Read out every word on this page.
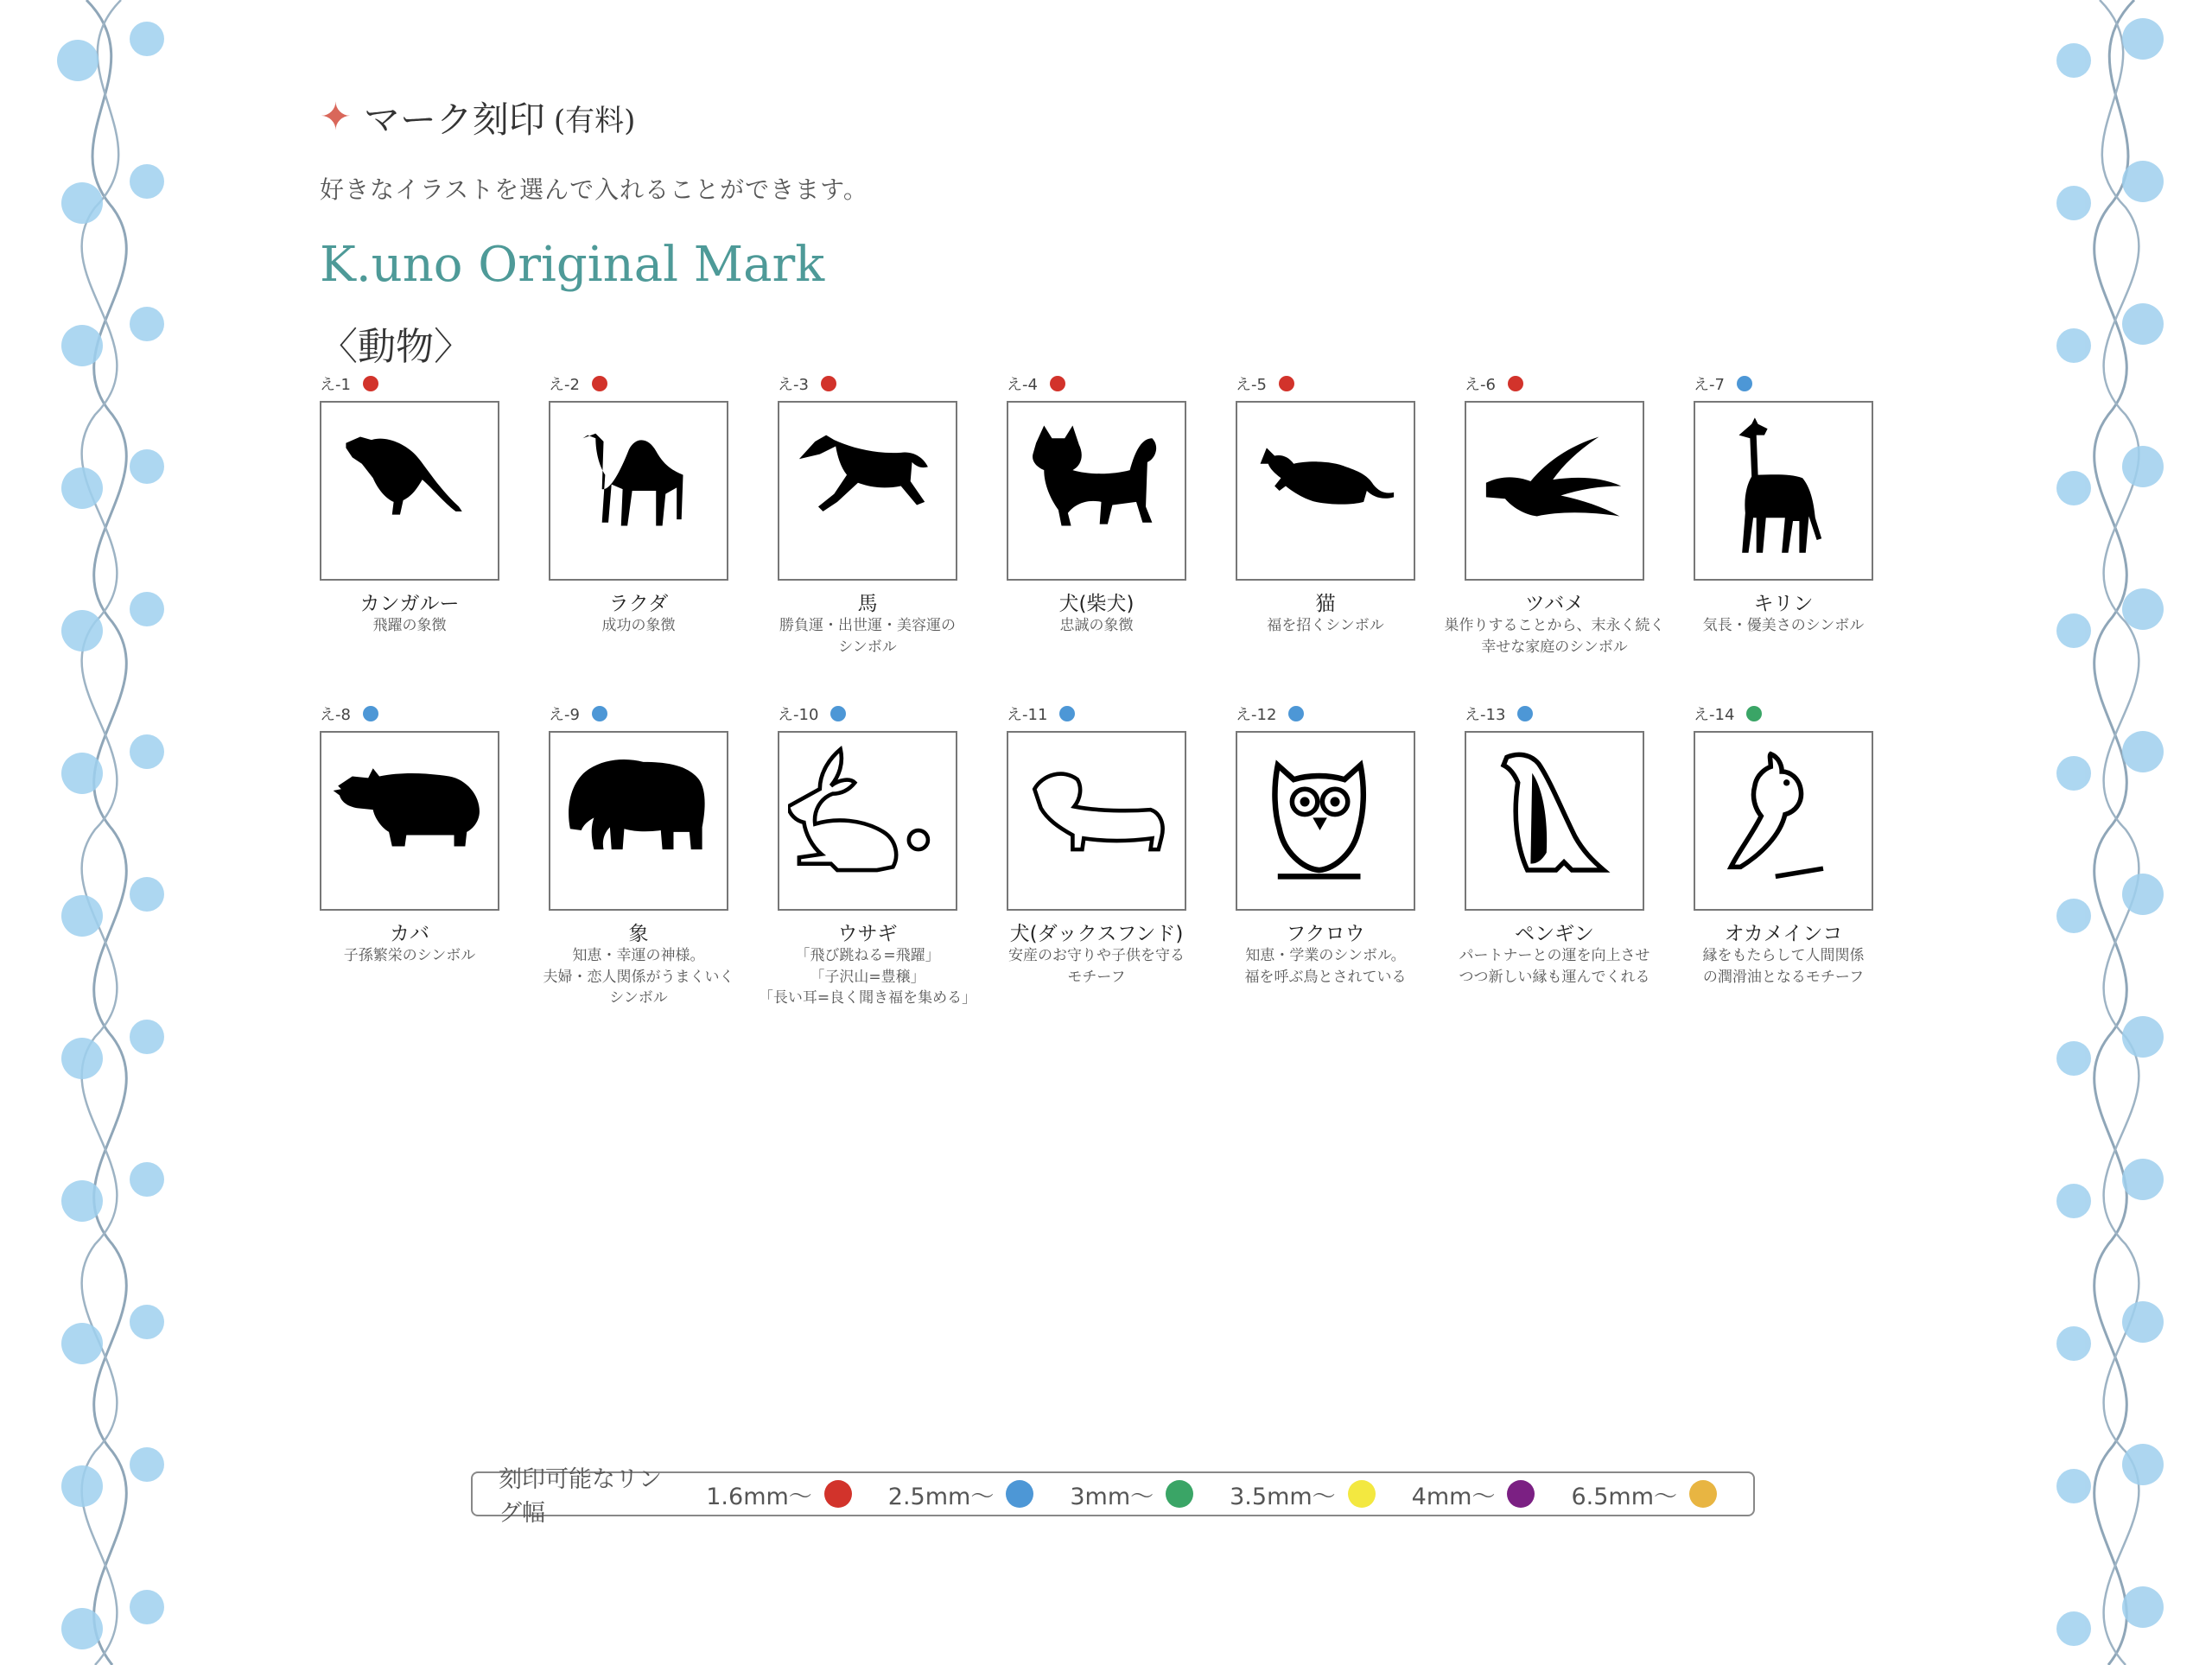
✦ マーク刻印 (有料)
好きなイラストを選んで入れることができます。
K.uno Original Mark
〈動物〉
え-1
カンガルー
飛躍の象徴
え-2
ラクダ
成功の象徴
え-3
馬
勝負運・出世運・美容運の
シンボル
え-4
犬(柴犬)
忠誠の象徴
え-5
猫
福を招くシンボル
え-6
ツバメ
巣作りすることから、末永く続く
幸せな家庭のシンボル
え-7
キリン
気長・優美さのシンボル
え-8
カバ
子孫繁栄のシンボル
え-9
象
知恵・幸運の神様。
夫婦・恋人関係がうまくいく
シンボル
え-10
ウサギ
「飛び跳ねる=飛躍」
「子沢山=豊穣」
「長い耳=良く聞き福を集める」
え-11
犬(ダックスフンド)
安産のお守りや子供を守る
モチーフ
え-12
フクロウ
知恵・学業のシンボル。
福を呼ぶ鳥とされている
え-13
ペンギン
パートナーとの運を向上させ
つつ新しい縁も運んでくれる
え-14
オカメインコ
縁をもたらして人間関係
の潤滑油となるモチーフ
刻印可能なリング幅
1.6mm〜	2.5mm〜	3mm〜	3.5mm〜	4mm〜	6.5mm〜
